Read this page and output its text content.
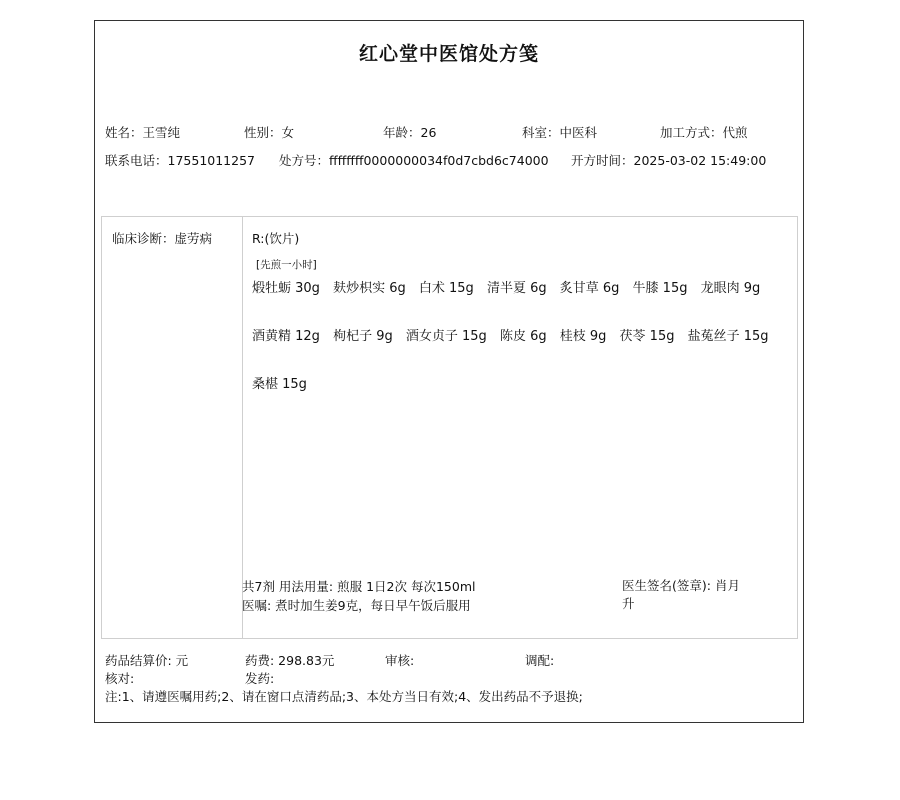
红心堂中医馆处方笺
姓名：王雪纯	性别：女	年龄：26	科室：中医科	加工方式：代煎
联系电话：17551011257 处方号：ffffffff0000000034f0d7cbd6c74000 开方时间：2025-03-02 15:49:00
临床诊断：虚劳病	R:(饮片)
[先煎一小时]
煅牡蛎 30g 麸炒枳实 6g 白术 15g 清半夏 6g 炙甘草 6g 牛膝 15g 龙眼肉 9g
酒黄精 12g 枸杞子 9g 酒女贞子 15g 陈皮 6g 桂枝 9g 茯苓 15g 盐菟丝子 15g
桑椹 15g
共7剂 用法用量: 煎服 1日2次 每次150ml
医嘱: 煮时加生姜9克，每日早午饭后服用
医生签名(签章): 肖月升
药品结算价: 元	药费: 298.83元	审核:	调配:
核对:	发药:
注:1、请遵医嘱用药;2、请在窗口点清药品;3、本处方当日有效;4、发出药品不予退换;
